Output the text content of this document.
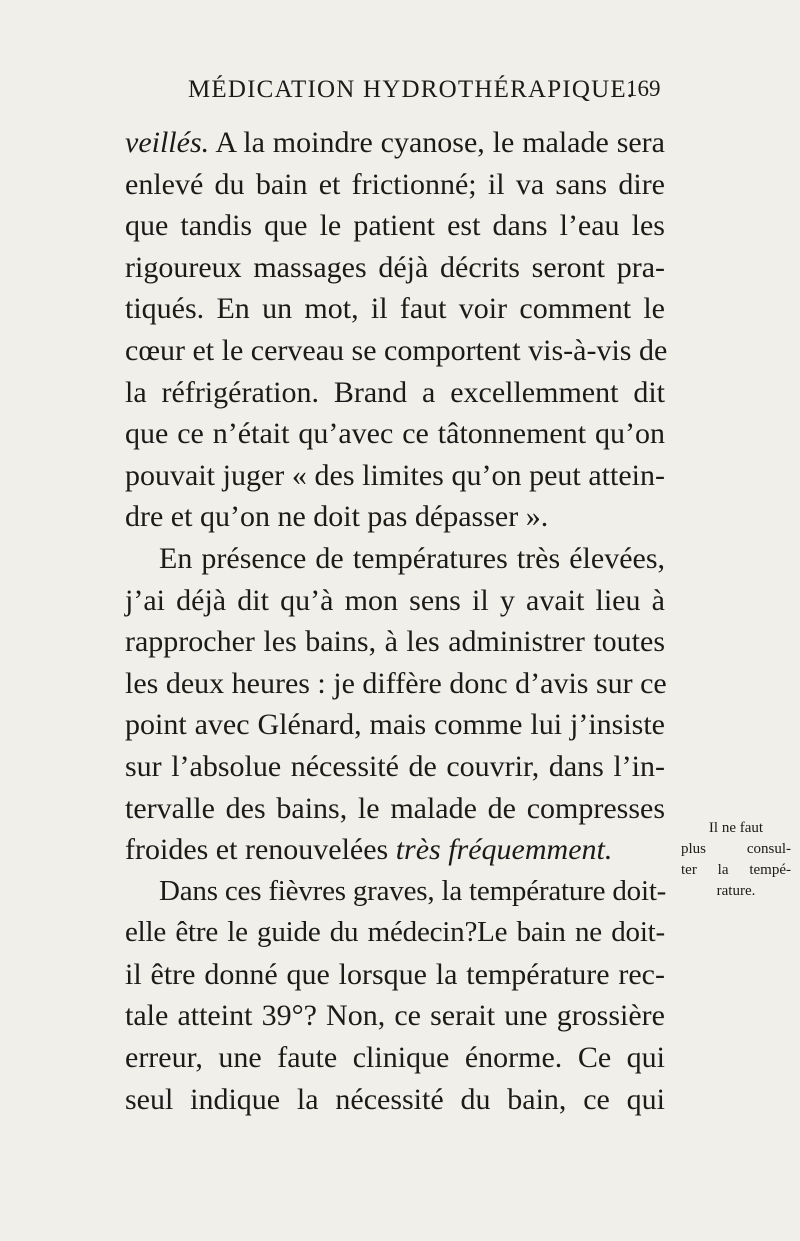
MÉDICATION HYDROTHÉRAPIQUE.
169
veillés. A la moindre cyanose, le malade sera
enlevé du bain et frictionné; il va sans dire
que tandis que le patient est dans l’eau les
rigoureux massages déjà décrits seront pra-
tiqués. En un mot, il faut voir comment le
cœur et le cerveau se comportent vis-à-vis de
la réfrigération. Brand a excellemment dit
que ce n’était qu’avec ce tâtonnement qu’on
pouvait juger « des limites qu’on peut attein-
dre et qu’on ne doit pas dépasser ».
En présence de températures très élevées,
j’ai déjà dit qu’à mon sens il y avait lieu à
rapprocher les bains, à les administrer toutes
les deux heures : je diffère donc d’avis sur ce
point avec Glénard, mais comme lui j’insiste
sur l’absolue nécessité de couvrir, dans l’in-
tervalle des bains, le malade de compresses
froides et renouvelées très fréquemment.
Dans ces fièvres graves, la température doit-
elle être le guide du médecin?Le bain ne doit-
il être donné que lorsque la température rec-
tale atteint 39°? Non, ce serait une grossière
erreur, une faute clinique énorme. Ce qui
seul indique la nécessité du bain, ce qui
Il ne faut
plus consul-
ter la tempé-
rature.
